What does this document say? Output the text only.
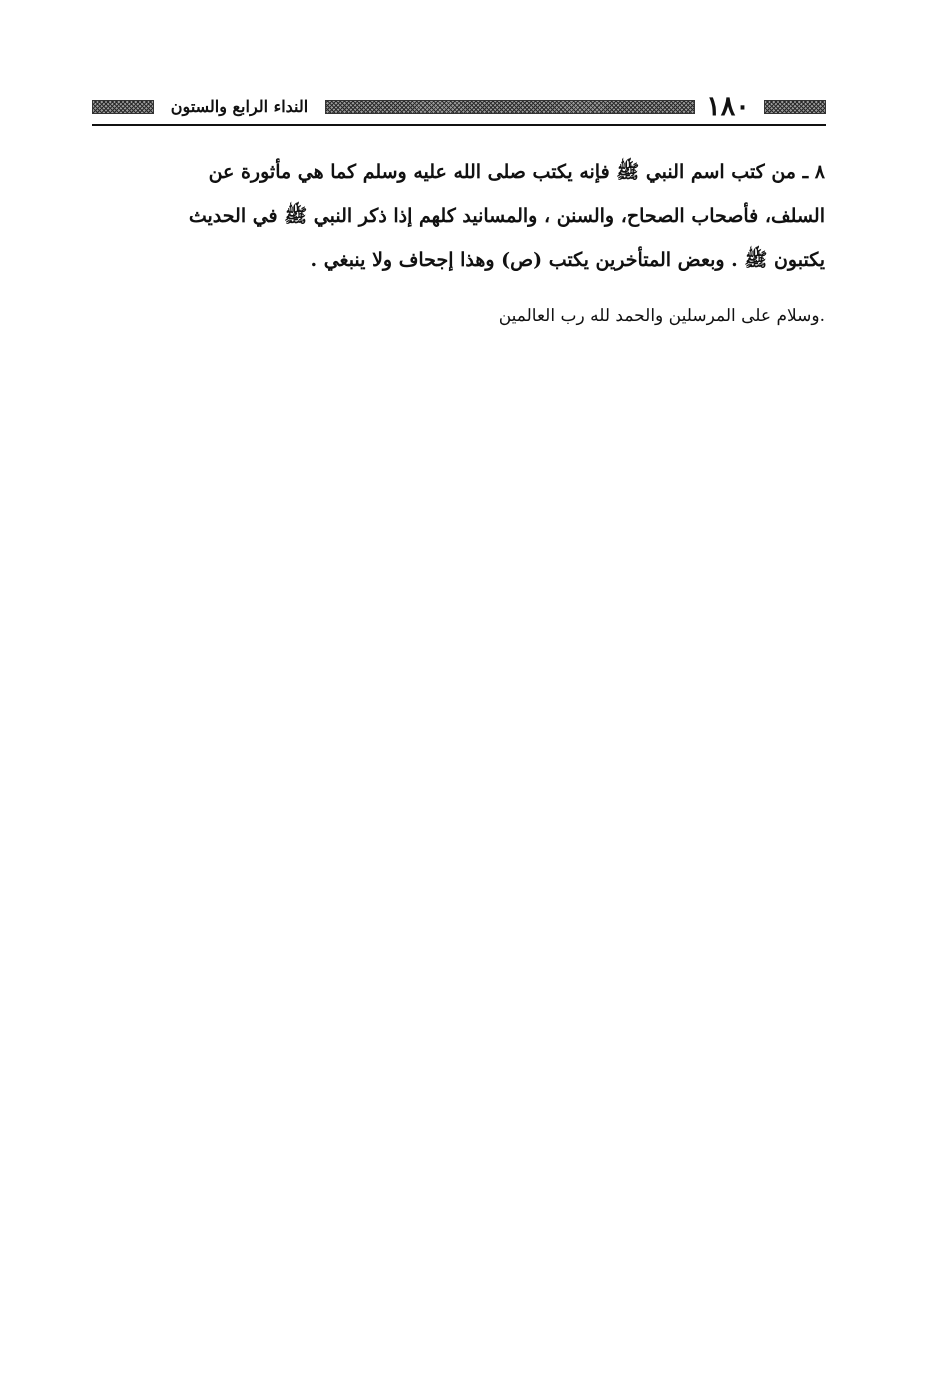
١٨٠
النداء الرابع والستون
٨ ـ من كتب اسم النبي ﷺ فإنه يكتب صلى الله عليه وسلم كما هي مأثورة عن
السلف، فأصحاب الصحاح، والسنن ، والمسانيد كلهم إذا ذكر النبي ﷺ في الحديث
يكتبون ﷺ . وبعض المتأخرين يكتب (ص) وهذا إجحاف ولا ينبغي .
.وسلام على المرسلين والحمد لله رب العالمين
